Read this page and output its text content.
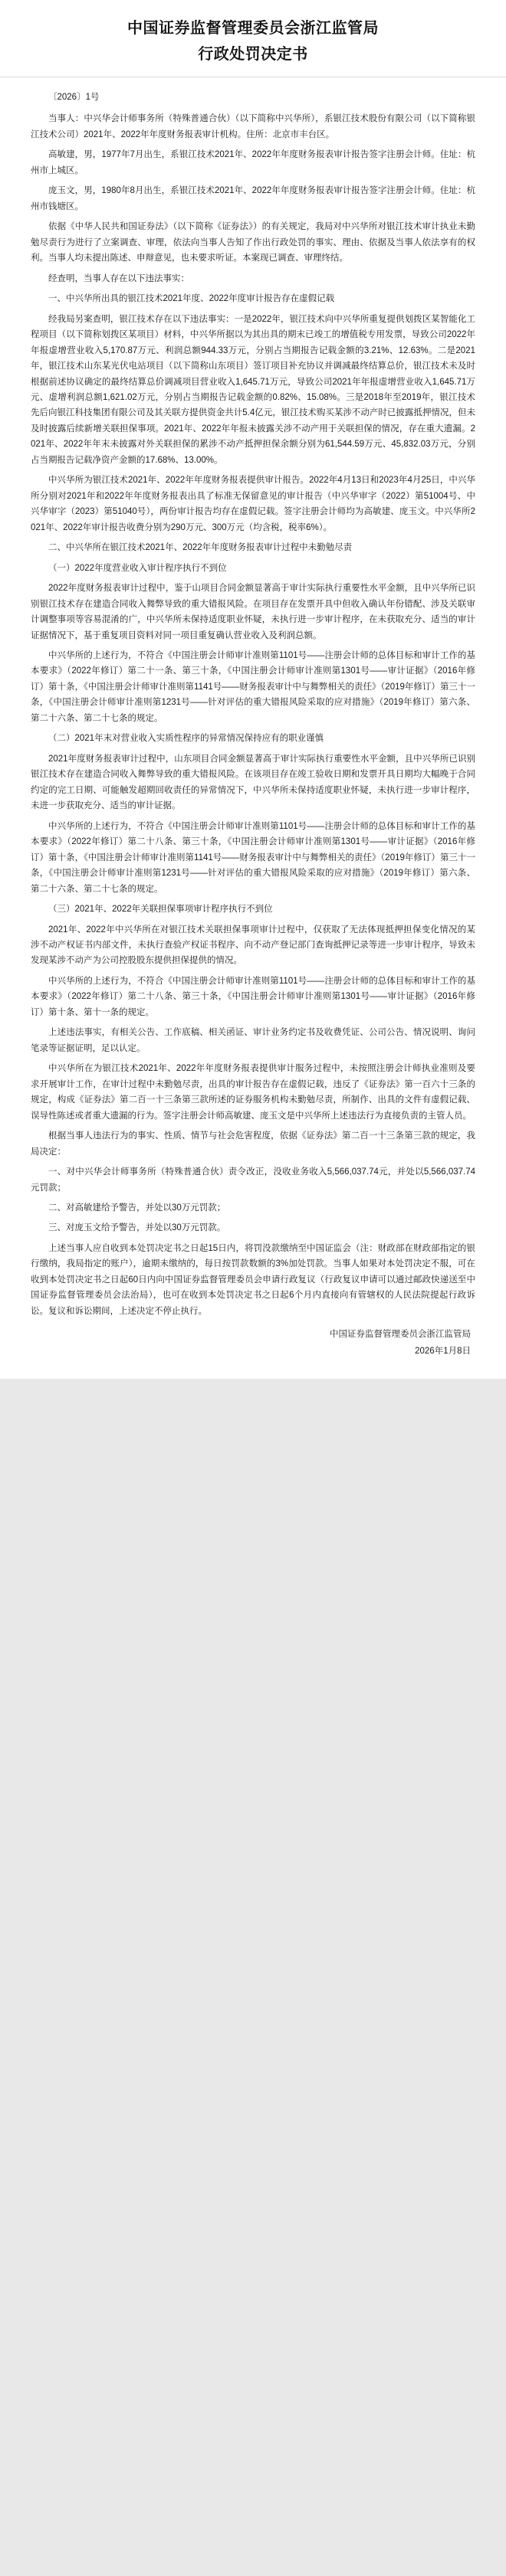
中国证券监督管理委员会浙江监管局
行政处罚决定书

〔2026〕1号

当事人：中兴华会计师事务所（特殊普通合伙）（以下简称中兴华所），系银江技术股份有限公司（以下简称银江技术公司）2021年、2022年年度财务报表审计机构。住所：北京市丰台区。

高敏建，男，1977年7月出生，系银江技术2021年、2022年年度财务报表审计报告签字注册会计师。住址：杭州市上城区。

庞玉文，男，1980年8月出生，系银江技术2021年、2022年年度财务报表审计报告签字注册会计师。住址：杭州市钱塘区。

依据《中华人民共和国证券法》（以下简称《证券法》）的有关规定，我局对中兴华所对银江技术审计执业未勤勉尽责行为进行了立案调查、审理，依法向当事人告知了作出行政处罚的事实、理由、依据及当事人依法享有的权利。当事人均未提出陈述、申辩意见，也未要求听证。本案现已调查、审理终结。

经查明，当事人存在以下违法事实：

一、中兴华所出具的银江技术2021年度、2022年度审计报告存在虚假记载

经我局另案查明，银江技术存在以下违法事实：一是2022年，银江技术向中兴华所重复提供划拨区某智能化工程项目（以下简称划拨区某项目）材料，中兴华所据以为其出具的期末已竣工的增值税专用发票，导致公司2022年年报虚增营业收入5,170.87万元、利润总额944.33万元，分别占当期报告记载金额的3.21%、12.63%。二是2021年，银江技术山东某光伏电站项目（以下简称山东项目）签订项目补充协议并调减最终结算总价，银江技术未及时根据前述协议确定的最终结算总价调减项目营业收入1,645.71万元，导致公司2021年年报虚增营业收入1,645.71万元、虚增利润总额1,621.02万元，分别占当期报告记载金额的0.82%、15.08%。三是2018年至2019年，银江技术先后向银江科技集团有限公司及其关联方提供资金共计5.4亿元，银江技术购买某涉不动产时已披露抵押情况，但未及时披露后续新增关联担保事项。2021年、2022年年报未披露关涉不动产用于关联担保的情况，存在重大遗漏。2021年、2022年年末未披露对外关联担保的累涉不动产抵押担保余额分别为61,544.59万元、45,832.03万元，分别占当期报告记载净资产金额的17.68%、13.00%。

中兴华所为银江技术2021年、2022年年度财务报表提供审计报告。2022年4月13日和2023年4月25日，中兴华所分别对2021年和2022年年度财务报表出具了标准无保留意见的审计报告（中兴华审字（2022）第51004号、中兴华审字（2023）第51040号），两份审计报告均存在虚假记载。签字注册会计师均为高敏建、庞玉文。中兴华所2021年、2022年审计报告收费分别为290万元、300万元（均含税，税率6%）。

二、中兴华所在银江技术2021年、2022年年度财务报表审计过程中未勤勉尽责

（一）2022年度营业收入审计程序执行不到位

2022年度财务报表审计过程中，鉴于山项目合同金额显著高于审计实际执行重要性水平金额，且中兴华所已识别银江技术存在建造合同收入舞弊导致的重大错报风险。在项目存在发票开具中但收入确认年份错配、涉及关联审计调整事项等容易混淆的广，中兴华所未保持适度职业怀疑，未执行进一步审计程序，在未获取充分、适当的审计证据情况下，基于重复项目资料对同一项目重复确认营业收入及利润总额。

中兴华所的上述行为，不符合《中国注册会计师审计准则第1101号——注册会计师的总体目标和审计工作的基本要求》（2022年修订）第二十一条、第三十条，《中国注册会计师审计准则第1301号——审计证据》（2016年修订）第十条，《中国注册会计师审计准则第1141号——财务报表审计中与舞弊相关的责任》（2019年修订）第三十一条，《中国注册会计师审计准则第1231号——针对评估的重大错报风险采取的应对措施》（2019年修订）第六条、第二十六条、第二十七条的规定。

（二）2021年末对营业收入实质性程序的异常情况保持应有的职业谨慎

2021年度财务报表审计过程中，山东项目合同金额显著高于审计实际执行重要性水平金额，且中兴华所已识别银江技术存在建造合同收入舞弊导致的重大错报风险。在该项目存在竣工验收日期和发票开具日期均大幅晚于合同约定的完工日期、可能触发超期回收责任的异常情况下，中兴华所未保持适度职业怀疑，未执行进一步审计程序，未进一步获取充分、适当的审计证据。

中兴华所的上述行为，不符合《中国注册会计师审计准则第1101号——注册会计师的总体目标和审计工作的基本要求》（2022年修订）第二十八条、第三十条，《中国注册会计师审计准则第1301号——审计证据》（2016年修订）第十条，《中国注册会计师审计准则第1141号——财务报表审计中与舞弊相关的责任》（2019年修订）第三十一条，《中国注册会计师审计准则第1231号——针对评估的重大错报风险采取的应对措施》（2019年修订）第六条、第二十六条、第二十七条的规定。

（三）2021年、2022年关联担保事项审计程序执行不到位

2021年、2022年中兴华所在对银江技术关联担保事项审计过程中，仅获取了无法体现抵押担保变化情况的某涉不动产权证书内部文件，未执行查验产权证书程序、向不动产登记部门查询抵押记录等进一步审计程序，导致未发现某涉不动产为公司控股股东提供担保提供的情况。

中兴华所的上述行为，不符合《中国注册会计师审计准则第1101号——注册会计师的总体目标和审计工作的基本要求》（2022年修订）第二十八条、第三十条，《中国注册会计师审计准则第1301号——审计证据》（2016年修订）第十条、第十一条的规定。

上述违法事实，有相关公告、工作底稿、相关函证、审计业务约定书及收费凭证、公司公告、情况说明、询问笔录等证据证明，足以认定。

中兴华所在为银江技术2021年、2022年年度财务报表提供审计服务过程中，未按照注册会计师执业准则及要求开展审计工作，在审计过程中未勤勉尽责，出具的审计报告存在虚假记载，违反了《证券法》第一百六十三条的规定，构成《证券法》第二百一十三条第三款所述的证券服务机构未勤勉尽责，所制作、出具的文件有虚假记载、误导性陈述或者重大遗漏的行为。签字注册会计师高敏建、庞玉文是中兴华所上述违法行为直接负责的主管人员。

根据当事人违法行为的事实、性质、情节与社会危害程度，依据《证券法》第二百一十三条第三款的规定，我局决定：

一、对中兴华会计师事务所（特殊普通合伙）责令改正，没收业务收入5,566,037.74元，并处以5,566,037.74元罚款；

二、对高敏建给予警告，并处以30万元罚款；

三、对庞玉文给予警告，并处以30万元罚款。

上述当事人应自收到本处罚决定书之日起15日内，将罚没款缴纳至中国证监会（注：财政部在财政部指定的银行缴纳，我局指定的账户），逾期未缴纳的，每日按罚款数额的3%加处罚款。当事人如果对本处罚决定不服，可在收到本处罚决定书之日起60日内向中国证券监督管理委员会申请行政复议（行政复议申请可以通过邮政快递送至中国证券监督管理委员会法治局），也可在收到本处罚决定书之日起6个月内直接向有管辖权的人民法院提起行政诉讼。复议和诉讼期间，上述决定不停止执行。

中国证券监督管理委员会浙江监管局

2026年1月8日
